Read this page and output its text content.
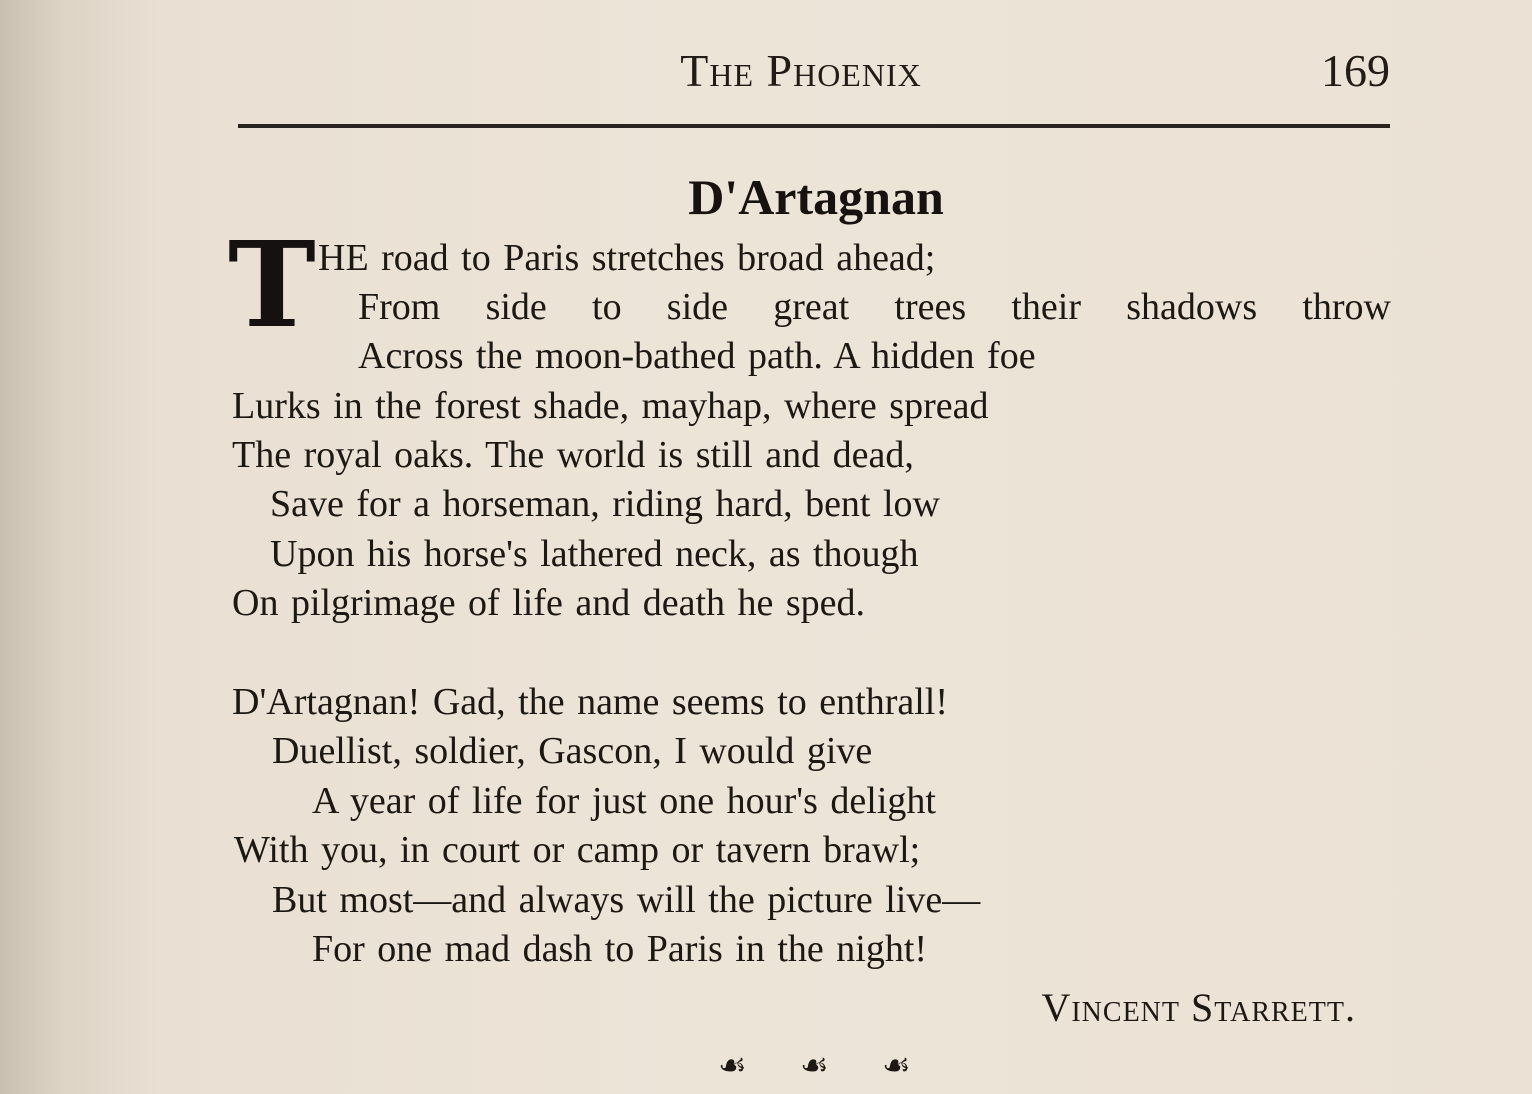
The Phoenix	169
D'Artagnan
T HE road to Paris stretches broad ahead;
From side to side great trees their shadows throw
Across the moon-bathed path. A hidden foe
Lurks in the forest shade, mayhap, where spread
The royal oaks. The world is still and dead,
Save for a horseman, riding hard, bent low
Upon his horse's lathered neck, as though
On pilgrimage of life and death he sped.
D'Artagnan! Gad, the name seems to enthrall!
Duellist, soldier, Gascon, I would give
A year of life for just one hour's delight
With you, in court or camp or tavern brawl;
But most—and always will the picture live—
For one mad dash to Paris in the night!
Vincent Starrett.
☙ ☙ ☙
